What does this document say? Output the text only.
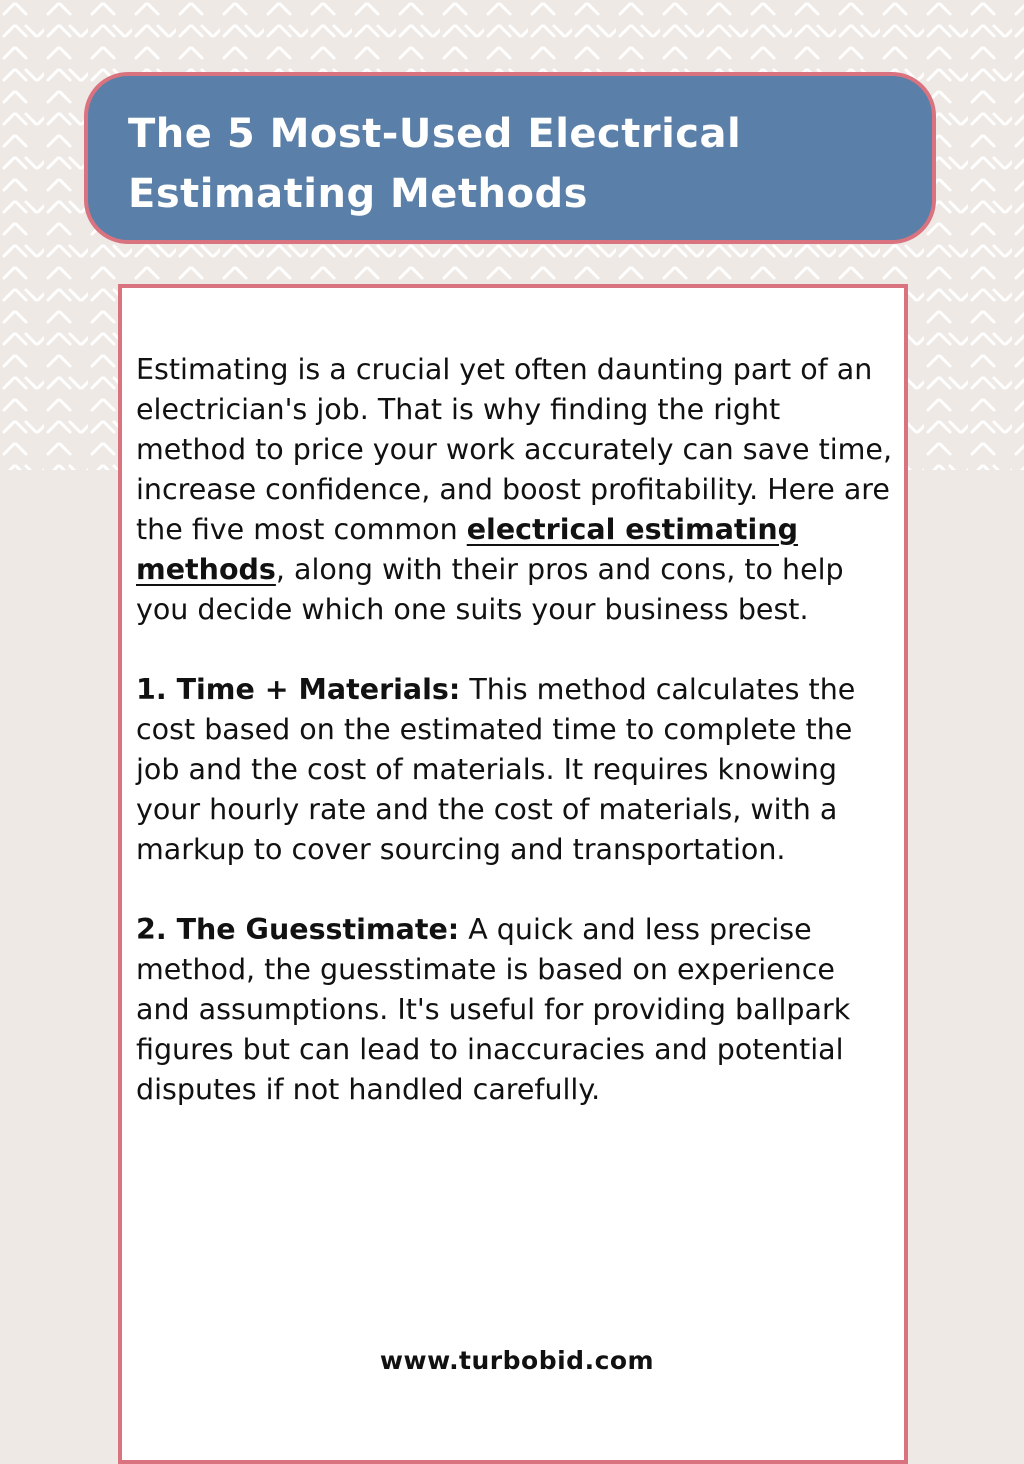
The 5 Most-Used Electrical
Estimating Methods

Estimating is a crucial yet often daunting part of an electrician's job. That is why finding the right method to price your work accurately can save time, increase confidence, and boost profitability. Here are the five most common electrical estimating methods, along with their pros and cons, to help you decide which one suits your business best.

1. Time + Materials: This method calculates the cost based on the estimated time to complete the job and the cost of materials. It requires knowing your hourly rate and the cost of materials, with a markup to cover sourcing and transportation.

2. The Guesstimate: A quick and less precise method, the guesstimate is based on experience and assumptions. It's useful for providing ballpark figures but can lead to inaccuracies and potential disputes if not handled carefully.

www.turbobid.com
